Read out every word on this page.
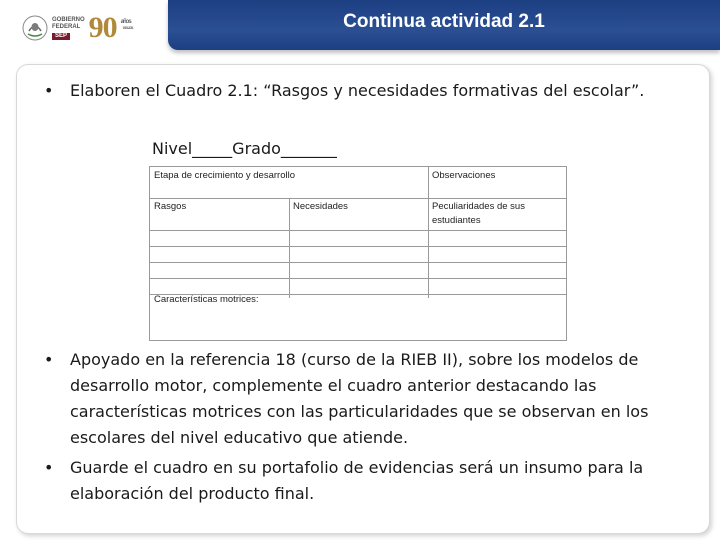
GOBIERNO
FEDERAL
SEP 90 años
1921 - 2011	Continua actividad 2.1
• Elaboren el Cuadro 2.1: “Rasgos y necesidades formativas del escolar”.
Nivel_____Grado_______
Etapa de crecimiento y desarrollo	Observaciones
Rasgos	Necesidades	Peculiaridades de sus
estudiantes
Características motrices:
• Apoyado en la referencia 18 (curso de la RIEB II), sobre los modelos de
desarrollo motor, complemente el cuadro anterior destacando las
características motrices con las particularidades que se observan en los
escolares del nivel educativo que atiende.
• Guarde el cuadro en su portafolio de evidencias será un insumo para la
elaboración del producto final.
